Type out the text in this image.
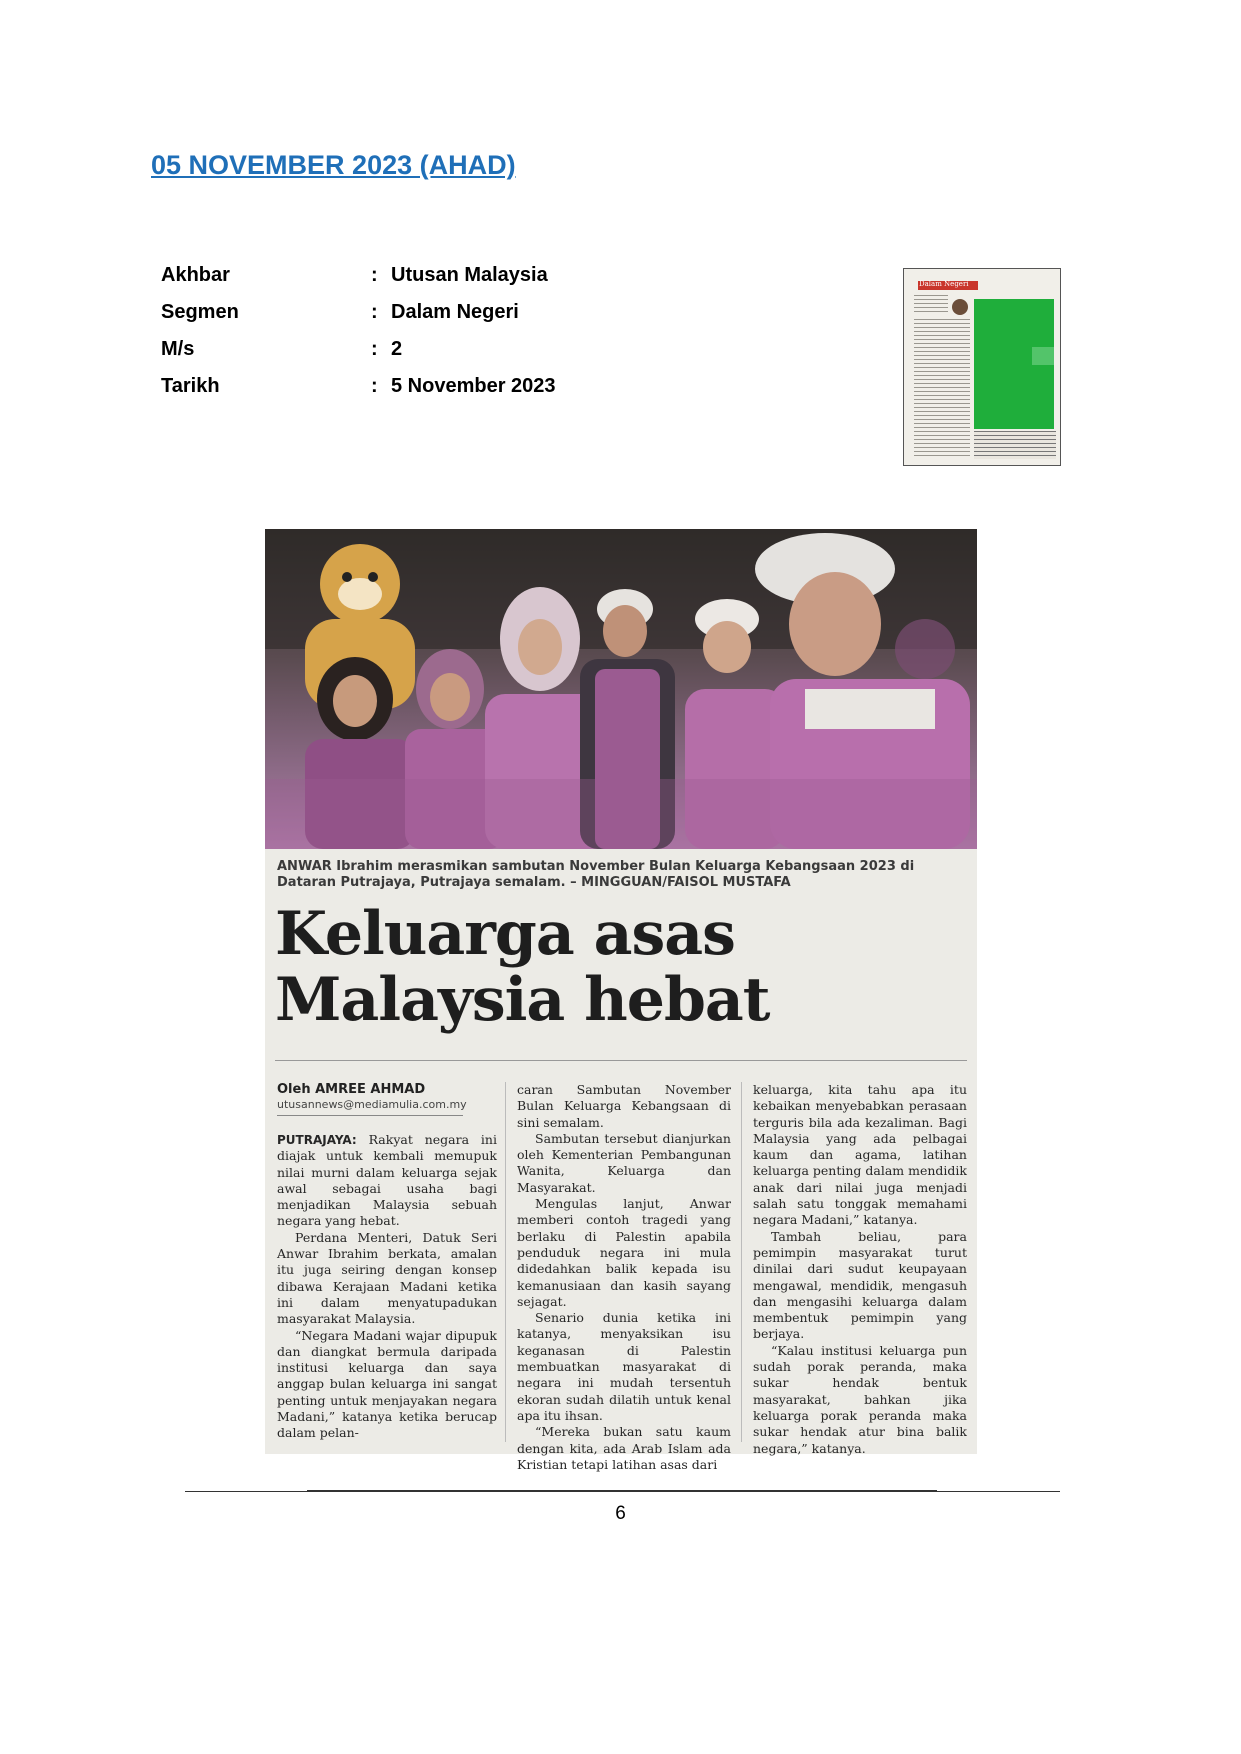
05 NOVEMBER 2023 (AHAD)
Akhbar	: Utusan Malaysia
Segmen	: Dalam Negeri
M/s	: 2
Tarikh	: 5 November 2023
Dalam Negeri
ANWAR Ibrahim merasmikan sambutan November Bulan Keluarga Kebangsaan 2023 di Dataran Putrajaya, Putrajaya semalam. – MINGGUAN/FAISOL MUSTAFA
Keluarga asas
Malaysia hebat
Oleh AMREE AHMAD
utusannews@mediamulia.com.my

PUTRAJAYA: Rakyat negara ini diajak untuk kembali memupuk nilai murni dalam keluarga sejak awal sebagai usaha bagi menjadikan Malaysia sebuah negara yang hebat.

Perdana Menteri, Datuk Seri Anwar Ibrahim berkata, amalan itu juga seiring dengan konsep dibawa Kerajaan Madani ketika ini dalam menyatupadukan masyarakat Malaysia.

“Negara Madani wajar dipupuk dan diangkat bermula daripada institusi keluarga dan saya anggap bulan keluarga ini sangat penting untuk menjayakan negara Madani,” katanya ketika berucap dalam pelan-

caran Sambutan November Bulan Keluarga Kebangsaan di sini semalam.

Sambutan tersebut dianjurkan oleh Kementerian Pembangunan Wanita, Keluarga dan Masyarakat.

Mengulas lanjut, Anwar memberi contoh tragedi yang berlaku di Palestin apabila penduduk negara ini mula didedahkan balik kepada isu kemanusiaan dan kasih sayang sejagat.

Senario dunia ketika ini katanya, menyaksikan isu keganasan di Palestin membuatkan masyarakat di negara ini mudah tersentuh ekoran sudah dilatih untuk kenal apa itu ihsan.

“Mereka bukan satu kaum dengan kita, ada Arab Islam ada Kristian tetapi latihan asas dari

keluarga, kita tahu apa itu kebaikan menyebabkan perasaan terguris bila ada kezaliman. Bagi Malaysia yang ada pelbagai kaum dan agama, latihan keluarga penting dalam mendidik anak dari nilai juga menjadi salah satu tonggak memahami negara Madani,” katanya.

Tambah beliau, para pemimpin masyarakat turut dinilai dari sudut keupayaan mengawal, mendidik, mengasuh dan mengasihi keluarga dalam membentuk pemimpin yang berjaya.

“Kalau institusi keluarga pun sudah porak peranda, maka sukar hendak bentuk masyarakat, bahkan jika keluarga porak peranda maka sukar hendak atur bina balik negara,” katanya.

6
